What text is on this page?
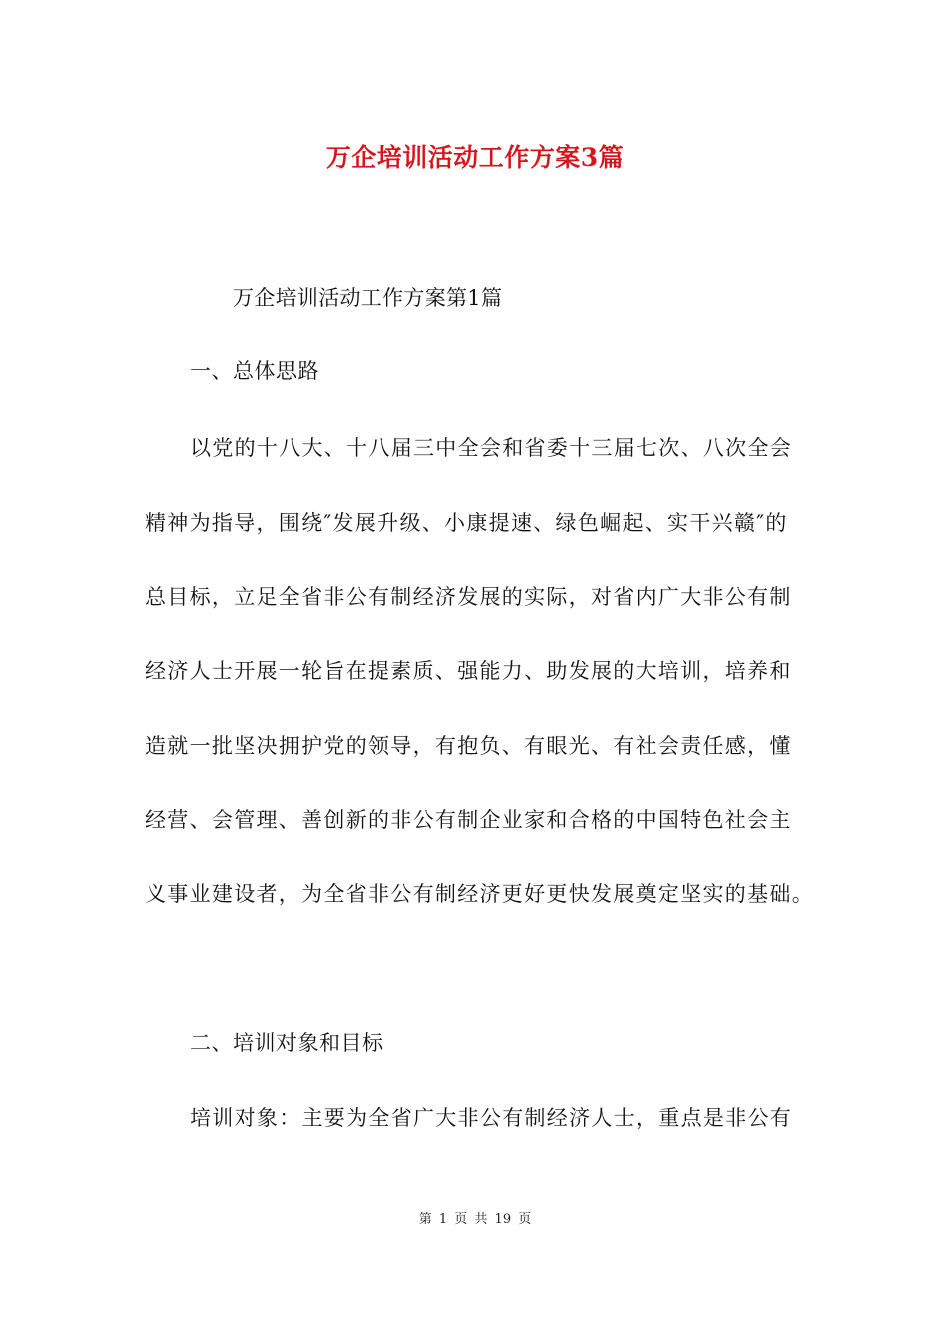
万企培训活动工作方案3篇
万企培训活动工作方案第1篇
一、总体思路
以党的十八大、十八届三中全会和省委十三届七次、八次全会
精神为指导，围绕″发展升级、小康提速、绿色崛起、实干兴赣″的
总目标，立足全省非公有制经济发展的实际，对省内广大非公有制
经济人士开展一轮旨在提素质、强能力、助发展的大培训，培养和
造就一批坚决拥护党的领导，有抱负、有眼光、有社会责任感，懂
经营、会管理、善创新的非公有制企业家和合格的中国特色社会主
义事业建设者，为全省非公有制经济更好更快发展奠定坚实的基础。
二、培训对象和目标
培训对象：主要为全省广大非公有制经济人士，重点是非公有
第 1 页 共 19 页
